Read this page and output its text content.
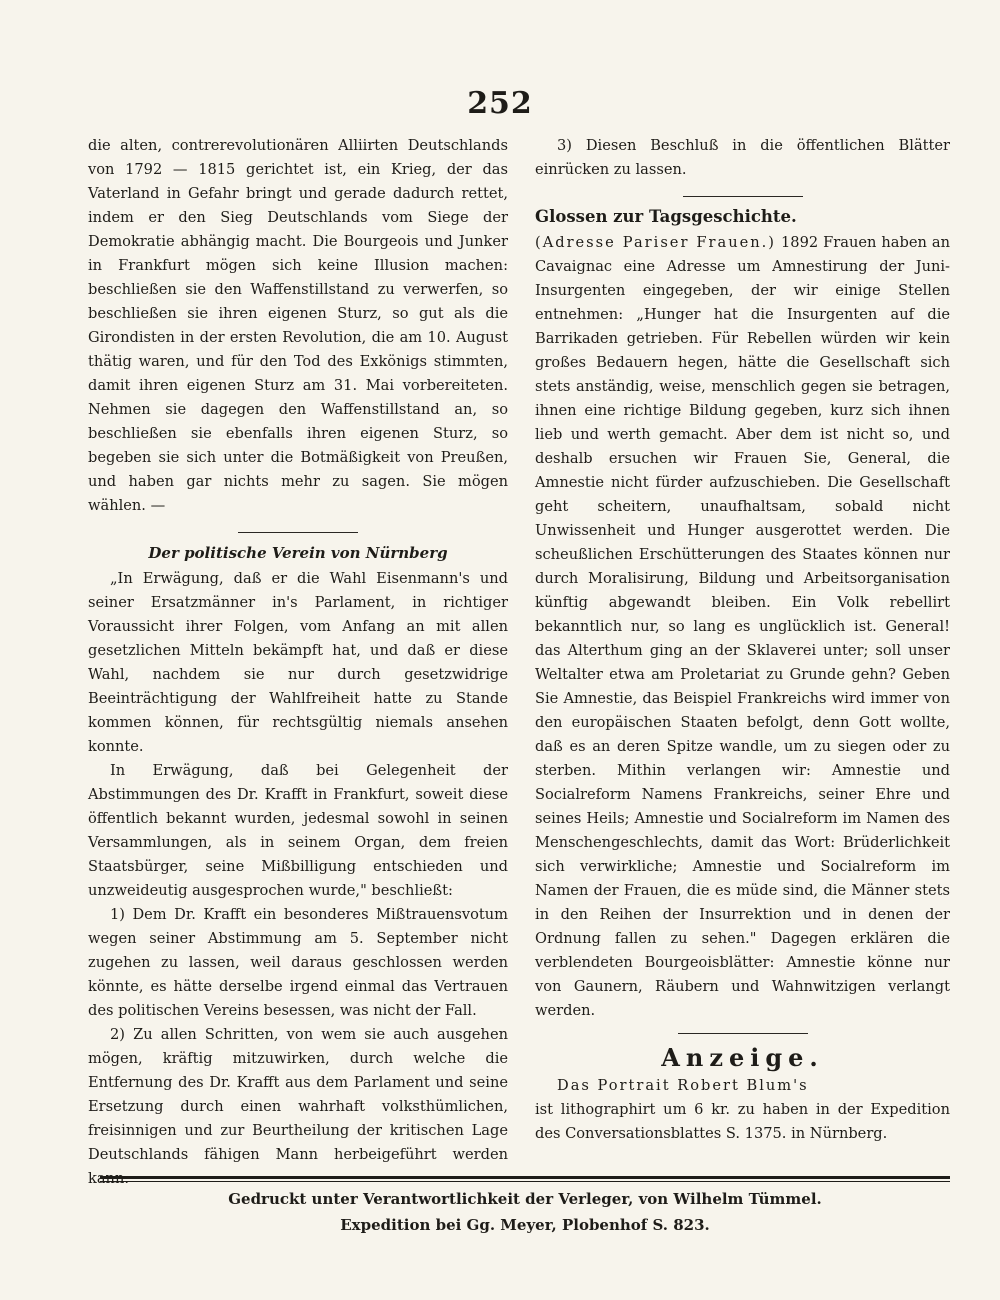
252

die alten, contrerevolutionären Alliirten Deutschlands von 1792 — 1815 gerichtet ist, ein Krieg, der das Vaterland in Gefahr bringt und gerade dadurch rettet, indem er den Sieg Deutschlands vom Siege der Demokratie abhängig macht. Die Bourgeois und Junker in Frankfurt mögen sich keine Illusion machen: beschließen sie den Waffenstillstand zu verwerfen, so beschließen sie ihren eigenen Sturz, so gut als die Girondisten in der ersten Revolution, die am 10. August thätig waren, und für den Tod des Exkönigs stimmten, damit ihren eigenen Sturz am 31. Mai vorbereiteten. Nehmen sie dagegen den Waffenstillstand an, so beschließen sie ebenfalls ihren eigenen Sturz, so begeben sie sich unter die Botmäßigkeit von Preußen, und haben gar nichts mehr zu sagen. Sie mögen wählen. —

Der politische Verein von Nürnberg

„In Erwägung, daß er die Wahl Eisenmann's und seiner Ersatzmänner in's Parlament, in richtiger Voraussicht ihrer Folgen, vom Anfang an mit allen gesetzlichen Mitteln bekämpft hat, und daß er diese Wahl, nachdem sie nur durch gesetzwidrige Beeinträchtigung der Wahlfreiheit hatte zu Stande kommen können, für rechtsgültig niemals ansehen konnte.

In Erwägung, daß bei Gelegenheit der Abstimmungen des Dr. Krafft in Frankfurt, soweit diese öffentlich bekannt wurden, jedesmal sowohl in seinen Versammlungen, als in seinem Organ, dem freien Staatsbürger, seine Mißbilligung entschieden und unzweideutig ausgesprochen wurde," beschließt:

1) Dem Dr. Krafft ein besonderes Mißtrauensvotum wegen seiner Abstimmung am 5. September nicht zugehen zu lassen, weil daraus geschlossen werden könnte, es hätte derselbe irgend einmal das Vertrauen des politischen Vereins besessen, was nicht der Fall.

2) Zu allen Schritten, von wem sie auch ausgehen mögen, kräftig mitzuwirken, durch welche die Entfernung des Dr. Krafft aus dem Parlament und seine Ersetzung durch einen wahrhaft volksthümlichen, freisinnigen und zur Beurtheilung der kritischen Lage Deutschlands fähigen Mann herbeigeführt werden kann.

3) Diesen Beschluß in die öffentlichen Blätter einrücken zu lassen.

Glossen zur Tagsgeschichte.

(Adresse Pariser Frauen.) 1892 Frauen haben an Cavaignac eine Adresse um Amnestirung der Juni-Insurgenten eingegeben, der wir einige Stellen entnehmen: „Hunger hat die Insurgenten auf die Barrikaden getrieben. Für Rebellen würden wir kein großes Bedauern hegen, hätte die Gesellschaft sich stets anständig, weise, menschlich gegen sie betragen, ihnen eine richtige Bildung gegeben, kurz sich ihnen lieb und werth gemacht. Aber dem ist nicht so, und deshalb ersuchen wir Frauen Sie, General, die Amnestie nicht fürder aufzuschieben. Die Gesellschaft geht scheitern, unaufhaltsam, sobald nicht Unwissenheit und Hunger ausgerottet werden. Die scheußlichen Erschütterungen des Staates können nur durch Moralisirung, Bildung und Arbeitsorganisation künftig abgewandt bleiben. Ein Volk rebellirt bekanntlich nur, so lang es unglücklich ist. General! das Alterthum ging an der Sklaverei unter; soll unser Weltalter etwa am Proletariat zu Grunde gehn? Geben Sie Amnestie, das Beispiel Frankreichs wird immer von den europäischen Staaten befolgt, denn Gott wollte, daß es an deren Spitze wandle, um zu siegen oder zu sterben. Mithin verlangen wir: Amnestie und Socialreform Namens Frankreichs, seiner Ehre und seines Heils; Amnestie und Socialreform im Namen des Menschengeschlechts, damit das Wort: Brüderlichkeit sich verwirkliche; Amnestie und Socialreform im Namen der Frauen, die es müde sind, die Männer stets in den Reihen der Insurrektion und in denen der Ordnung fallen zu sehen." Dagegen erklären die verblendeten Bourgeoisblätter: Amnestie könne nur von Gaunern, Räubern und Wahnwitzigen verlangt werden.

Anzeige.

Das Portrait Robert Blum's

ist lithographirt um 6 kr. zu haben in der Expedition des Conversationsblattes S. 1375. in Nürnberg.

Gedruckt unter Verantwortlichkeit der Verleger, von Wilhelm Tümmel.
Expedition bei Gg. Meyer, Plobenhof S. 823.
